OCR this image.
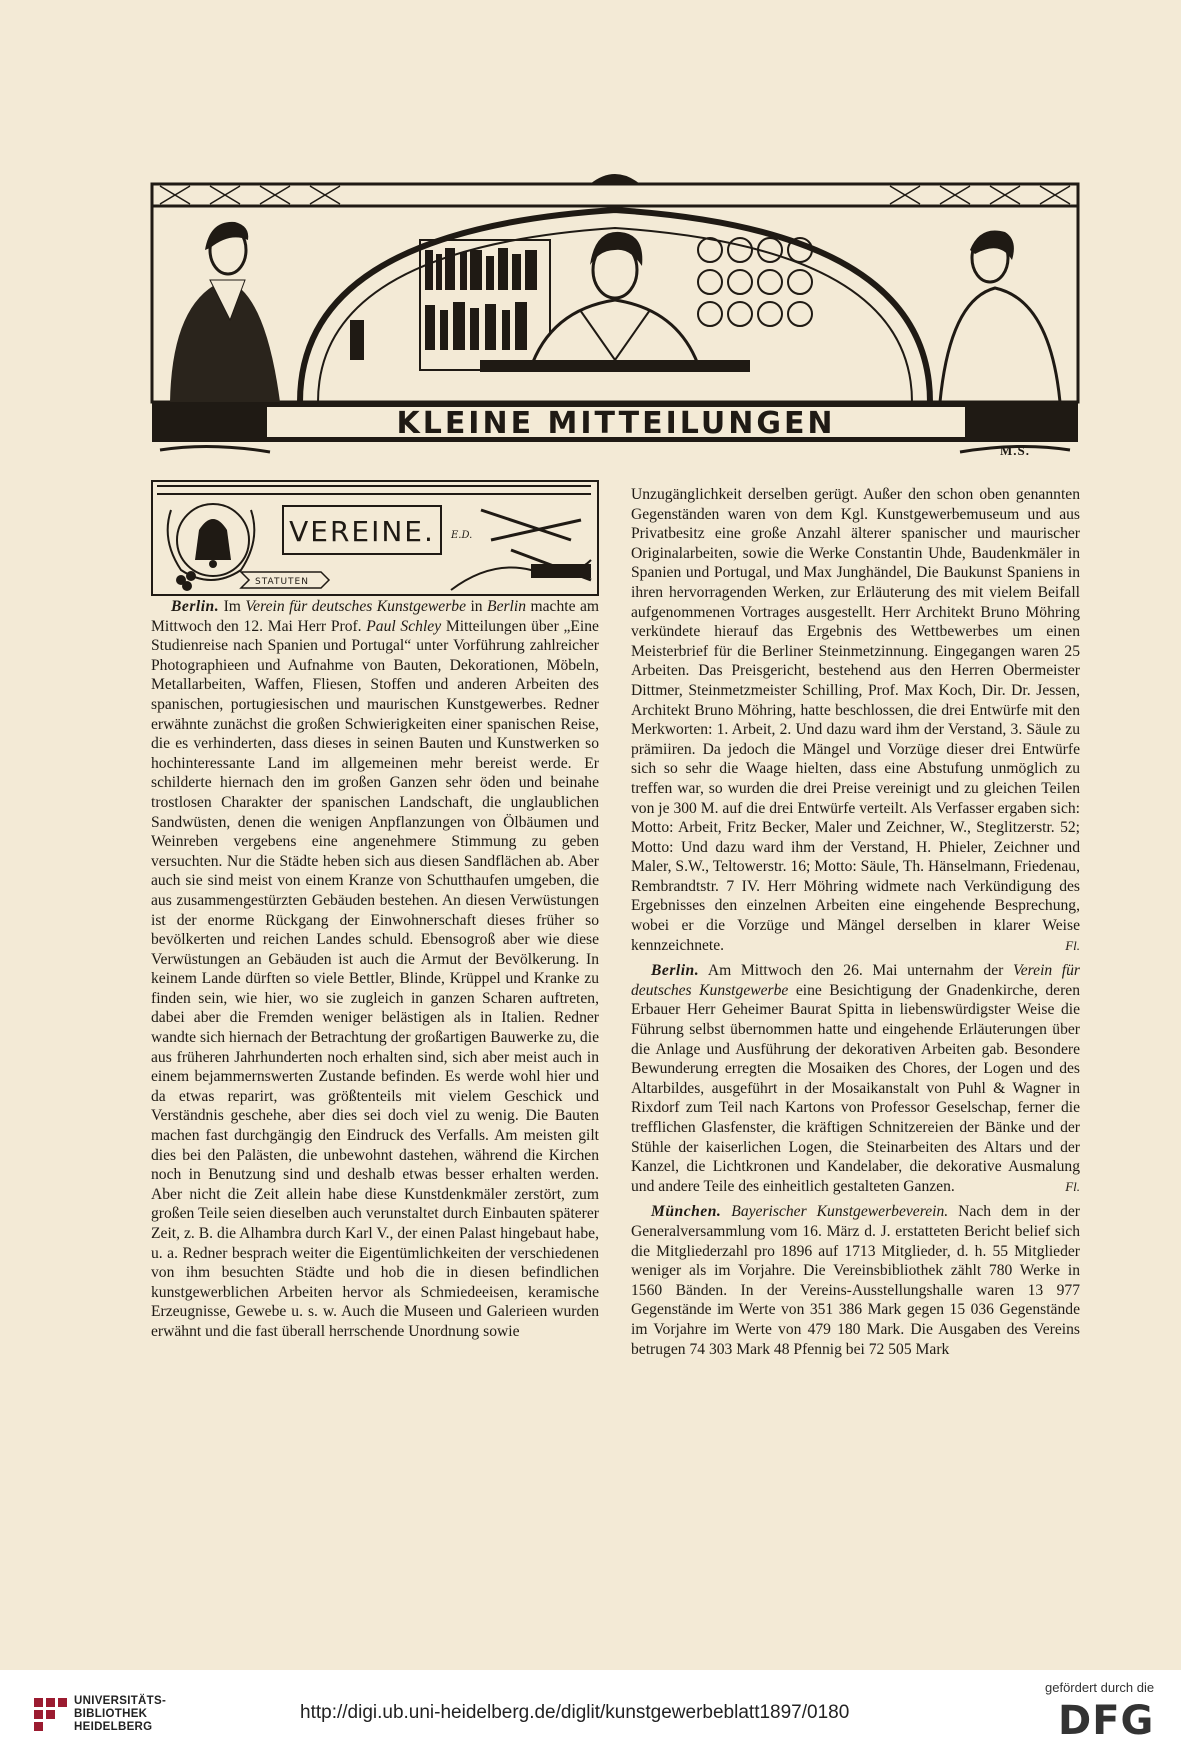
KLEINE MITTEILUNGEN
M.S.
VEREINE. E.D.
STATUTEN

Berlin. Im Verein für deutsches Kunstgewerbe in Berlin machte am Mittwoch den 12. Mai Herr Prof. Paul Schley Mitteilungen über „Eine Studienreise nach Spanien und Portugal“ unter Vorführung zahlreicher Photographieen und Aufnahme von Bauten, Dekorationen, Möbeln, Metallarbeiten, Waffen, Fliesen, Stoffen und anderen Arbeiten des spanischen, portugiesischen und maurischen Kunstgewerbes. Redner erwähnte zunächst die großen Schwierigkeiten einer spanischen Reise, die es verhinderten, dass dieses in seinen Bauten und Kunstwerken so hochinteressante Land im allgemeinen mehr bereist werde. Er schilderte hiernach den im großen Ganzen sehr öden und beinahe trostlosen Charakter der spanischen Landschaft, die unglaublichen Sandwüsten, denen die wenigen Anpflanzungen von Ölbäumen und Weinreben vergebens eine angenehmere Stimmung zu geben versuchten. Nur die Städte heben sich aus diesen Sandflächen ab. Aber auch sie sind meist von einem Kranze von Schutthaufen umgeben, die aus zusammengestürzten Gebäuden bestehen. An diesen Verwüstungen ist der enorme Rückgang der Einwohnerschaft dieses früher so bevölkerten und reichen Landes schuld. Ebensogroß aber wie diese Verwüstungen an Gebäuden ist auch die Armut der Bevölkerung. In keinem Lande dürften so viele Bettler, Blinde, Krüppel und Kranke zu finden sein, wie hier, wo sie zugleich in ganzen Scharen auftreten, dabei aber die Fremden weniger belästigen als in Italien. Redner wandte sich hiernach der Betrachtung der großartigen Bauwerke zu, die aus früheren Jahrhunderten noch erhalten sind, sich aber meist auch in einem bejammernswerten Zustande befinden. Es werde wohl hier und da etwas reparirt, was größtenteils mit vielem Geschick und Verständnis geschehe, aber dies sei doch viel zu wenig. Die Bauten machen fast durchgängig den Eindruck des Verfalls. Am meisten gilt dies bei den Palästen, die unbewohnt dastehen, während die Kirchen noch in Benutzung sind und deshalb etwas besser erhalten werden. Aber nicht die Zeit allein habe diese Kunstdenkmäler zerstört, zum großen Teile seien dieselben auch verunstaltet durch Einbauten späterer Zeit, z. B. die Alhambra durch Karl V., der einen Palast hingebaut habe, u. a. Redner besprach weiter die Eigentümlichkeiten der verschiedenen von ihm besuchten Städte und hob die in diesen befindlichen kunstgewerblichen Arbeiten hervor als Schmiedeeisen, keramische Erzeugnisse, Gewebe u. s. w. Auch die Museen und Galerieen wurden erwähnt und die fast überall herrschende Unordnung sowie

Unzugänglichkeit derselben gerügt. Außer den schon oben genannten Gegenständen waren von dem Kgl. Kunstgewerbemuseum und aus Privatbesitz eine große Anzahl älterer spanischer und maurischer Originalarbeiten, sowie die Werke Constantin Uhde, Baudenkmäler in Spanien und Portugal, und Max Junghändel, Die Baukunst Spaniens in ihren hervorragenden Werken, zur Erläuterung des mit vielem Beifall aufgenommenen Vortrages ausgestellt. Herr Architekt Bruno Möhring verkündete hierauf das Ergebnis des Wettbewerbes um einen Meisterbrief für die Berliner Steinmetzinnung. Eingegangen waren 25 Arbeiten. Das Preisgericht, bestehend aus den Herren Obermeister Dittmer, Steinmetzmeister Schilling, Prof. Max Koch, Dir. Dr. Jessen, Architekt Bruno Möhring, hatte beschlossen, die drei Entwürfe mit den Merkworten: 1. Arbeit, 2. Und dazu ward ihm der Verstand, 3. Säule zu prämiiren. Da jedoch die Mängel und Vorzüge dieser drei Entwürfe sich so sehr die Waage hielten, dass eine Abstufung unmöglich zu treffen war, so wurden die drei Preise vereinigt und zu gleichen Teilen von je 300 M. auf die drei Entwürfe verteilt. Als Verfasser ergaben sich: Motto: Arbeit, Fritz Becker, Maler und Zeichner, W., Steglitzerstr. 52; Motto: Und dazu ward ihm der Verstand, H. Phieler, Zeichner und Maler, S.W., Teltowerstr. 16; Motto: Säule, Th. Hänselmann, Friedenau, Rembrandtstr. 7 IV. Herr Möhring widmete nach Verkündigung des Ergebnisses den einzelnen Arbeiten eine eingehende Besprechung, wobei er die Vorzüge und Mängel derselben in klarer Weise kennzeichnete.	Fl.

Berlin. Am Mittwoch den 26. Mai unternahm der Verein für deutsches Kunstgewerbe eine Besichtigung der Gnadenkirche, deren Erbauer Herr Geheimer Baurat Spitta in liebenswürdigster Weise die Führung selbst übernommen hatte und eingehende Erläuterungen über die Anlage und Ausführung der dekorativen Arbeiten gab. Besondere Bewunderung erregten die Mosaiken des Chores, der Logen und des Altarbildes, ausgeführt in der Mosaikanstalt von Puhl & Wagner in Rixdorf zum Teil nach Kartons von Professor Geselschap, ferner die trefflichen Glasfenster, die kräftigen Schnitzereien der Bänke und der Stühle der kaiserlichen Logen, die Steinarbeiten des Altars und der Kanzel, die Lichtkronen und Kandelaber, die dekorative Ausmalung und andere Teile des einheitlich gestalteten Ganzen.	Fl.

München. Bayerischer Kunstgewerbeverein. Nach dem in der Generalversammlung vom 16. März d. J. erstatteten Bericht belief sich die Mitgliederzahl pro 1896 auf 1713 Mitglieder, d. h. 55 Mitglieder weniger als im Vorjahre. Die Vereinsbibliothek zählt 780 Werke in 1560 Bänden. In der Vereins-Ausstellungshalle waren 13 977 Gegenstände im Werte von 351 386 Mark gegen 15 036 Gegenstände im Vorjahre im Werte von 479 180 Mark. Die Ausgaben des Vereins betrugen 74 303 Mark 48 Pfennig bei 72 505 Mark

UNIVERSITÄTS-
BIBLIOTHEK
HEIDELBERG
http://digi.ub.uni-heidelberg.de/diglit/kunstgewerbeblatt1897/0180
gefördert durch die
DFG
